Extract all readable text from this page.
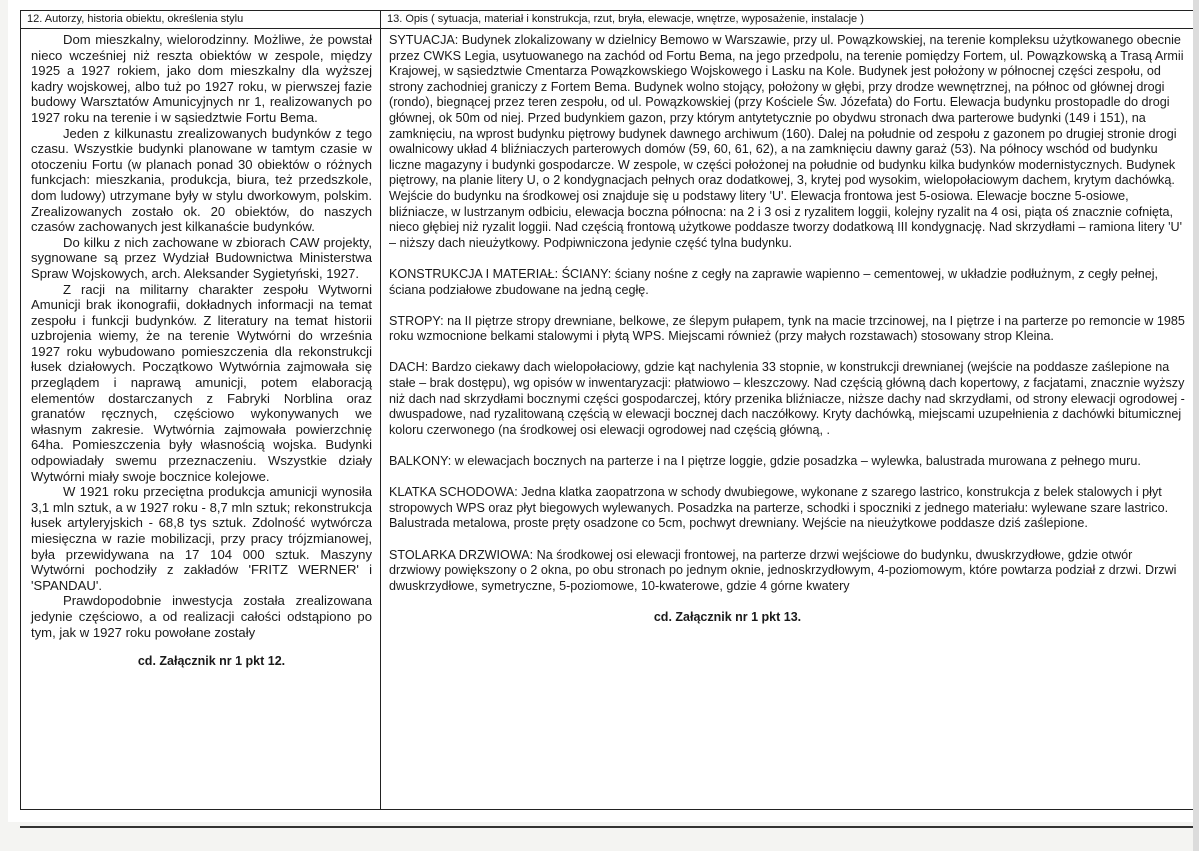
12. Autorzy, historia obiektu, określenia stylu

Dom mieszkalny, wielorodzinny. Możliwe, że powstał nieco wcześniej niż reszta obiektów w zespole, między 1925 a 1927 rokiem, jako dom mieszkalny dla wyższej kadry wojskowej, albo tuż po 1927 roku, w pierwszej fazie budowy Warsztatów Amunicyjnych nr 1, realizowanych po 1927 roku na terenie i w sąsiedztwie Fortu Bema.

Jeden z kilkunastu zrealizowanych budynków z tego czasu. Wszystkie budynki planowane w tamtym czasie w otoczeniu Fortu (w planach ponad 30 obiektów o różnych funkcjach: mieszkania, produkcja, biura, też przedszkole, dom ludowy) utrzymane były w stylu dworkowym, polskim. Zrealizowanych zostało ok. 20 obiektów, do naszych czasów zachowanych jest kilkanaście budynków.

Do kilku z nich zachowane w zbiorach CAW projekty, sygnowane są przez Wydział Budownictwa Ministerstwa Spraw Wojskowych, arch. Aleksander Sygietyński, 1927.

Z racji na militarny charakter zespołu Wytworni Amunicji brak ikonografii, dokładnych informacji na temat zespołu i funkcji budynków. Z literatury na temat historii uzbrojenia wiemy, że na terenie Wytwórni do września 1927 roku wybudowano pomieszczenia dla rekonstrukcji łusek działowych. Początkowo Wytwórnia zajmowała się przeglądem i naprawą amunicji, potem elaboracją elementów dostarczanych z Fabryki Norblina oraz granatów ręcznych, częściowo wykonywanych we własnym zakresie. Wytwórnia zajmowała powierzchnię 64ha. Pomieszczenia były własnością wojska. Budynki odpowiadały swemu przeznaczeniu. Wszystkie działy Wytwórni miały swoje bocznice kolejowe.

W 1921 roku przeciętna produkcja amunicji wynosiła 3,1 mln sztuk, a w 1927 roku - 8,7 mln sztuk; rekonstrukcja łusek artyleryjskich - 68,8 tys sztuk. Zdolność wytwórcza miesięczna w razie mobilizacji, przy pracy trójzmianowej, była przewidywana na 17 104 000 sztuk. Maszyny Wytwórni pochodziły z zakładów 'FRITZ WERNER' i 'SPANDAU'.

Prawdopodobnie inwestycja została zrealizowana jedynie częściowo, a od realizacji całości odstąpiono po tym, jak w 1927 roku powołane zostały

cd. Załącznik nr 1 pkt 12.
13. Opis ( sytuacja, materiał i konstrukcja, rzut, bryła, elewacje, wnętrze, wyposażenie, instalacje )

SYTUACJA: Budynek zlokalizowany w dzielnicy Bemowo w Warszawie, przy ul. Powązkowskiej, na terenie kompleksu użytkowanego obecnie przez CWKS Legia, usytuowanego na zachód od Fortu Bema, na jego przedpolu, na terenie pomiędzy Fortem, ul. Powązkowską a Trasą Armii Krajowej, w sąsiedztwie Cmentarza Powązkowskiego Wojskowego i Lasku na Kole. Budynek jest położony w północnej części zespołu, od strony zachodniej graniczy z Fortem Bema. Budynek wolno stojący, położony w głębi, przy drodze wewnętrznej, na północ od głównej drogi (rondo), biegnącej przez teren zespołu, od ul. Powązkowskiej (przy Kościele Św. Józefata) do Fortu. Elewacja budynku prostopadle do drogi głównej, ok 50m od niej. Przed budynkiem gazon, przy którym antytetycznie po obydwu stronach dwa parterowe budynki (149 i 151), na zamknięciu, na wprost budynku piętrowy budynek dawnego archiwum (160). Dalej na południe od zespołu z gazonem po drugiej stronie drogi owalnicowy układ 4 bliźniaczych parterowych domów (59, 60, 61, 62), a na zamknięciu dawny garaż (53). Na północy wschód od budynku liczne magazyny i budynki gospodarcze. W zespole, w części położonej na południe od budynku kilka budynków modernistycznych. Budynek piętrowy, na planie litery U, o 2 kondygnacjach pełnych oraz dodatkowej, 3, krytej pod wysokim, wielopołaciowym dachem, krytym dachówką. Wejście do budynku na środkowej osi znajduje się u podstawy litery 'U'. Elewacja frontowa jest 5-osiowa. Elewacje boczne 5-osiowe, bliźniacze, w lustrzanym odbiciu, elewacja boczna północna: na 2 i 3 osi z ryzalitem loggii, kolejny ryzalit na 4 osi, piąta oś znacznie cofnięta, nieco głębiej niż ryzalit loggii. Nad częścią frontową użytkowe poddasze tworzy dodatkową III kondygnację. Nad skrzydłami – ramiona litery 'U' – niższy dach nieużytkowy. Podpiwniczona jedynie część tylna budynku.

KONSTRUKCJA I MATERIAŁ: ŚCIANY: ściany nośne z cegły na zaprawie wapienno – cementowej, w układzie podłużnym, z cegły pełnej, ściana podziałowe zbudowane na jedną cegłę.

STROPY: na II piętrze stropy drewniane, belkowe, ze ślepym pułapem, tynk na macie trzcinowej, na I piętrze i na parterze po remoncie w 1985 roku wzmocnione belkami stalowymi i płytą WPS. Miejscami również (przy małych rozstawach) stosowany strop Kleina.

DACH: Bardzo ciekawy dach wielopołaciowy, gdzie kąt nachylenia 33 stopnie, w konstrukcji drewnianej (wejście na poddasze zaślepione na stałe – brak dostępu), wg opisów w inwentaryzacji: płatwiowo – kleszczowy. Nad częścią główną dach kopertowy, z facjatami, znacznie wyższy niż dach nad skrzydłami bocznymi części gospodarczej, który przenika bliźniacze, niższe dachy nad skrzydłami, od strony elewacji ogrodowej - dwuspadowe, nad ryzalitowaną częścią w elewacji bocznej dach naczółkowy. Kryty dachówką, miejscami uzupełnienia z dachówki bitumicznej koloru czerwonego (na środkowej osi elewacji ogrodowej nad częścią główną, .

BALKONY: w elewacjach bocznych na parterze i na I piętrze loggie, gdzie posadzka – wylewka, balustrada murowana z pełnego muru.

KLATKA SCHODOWA: Jedna klatka zaopatrzona w schody dwubiegowe, wykonane z szarego lastrico, konstrukcja z belek stalowych i płyt stropowych WPS oraz płyt biegowych wylewanych. Posadzka na parterze, schodki i spoczniki z jednego materiału: wylewane szare lastrico. Balustrada metalowa, proste pręty osadzone co 5cm, pochwyt drewniany. Wejście na nieużytkowe poddasze dziś zaślepione.

STOLARKA DRZWIOWA: Na środkowej osi elewacji frontowej, na parterze drzwi wejściowe do budynku, dwuskrzydłowe, gdzie otwór drzwiowy powiększony o 2 okna, po obu stronach po jednym oknie, jednoskrzydłowym, 4-poziomowym, które powtarza podział z drzwi. Drzwi dwuskrzydłowe, symetryczne, 5-poziomowe, 10-kwaterowe, gdzie 4 górne kwatery

cd. Załącznik nr 1 pkt 13.
